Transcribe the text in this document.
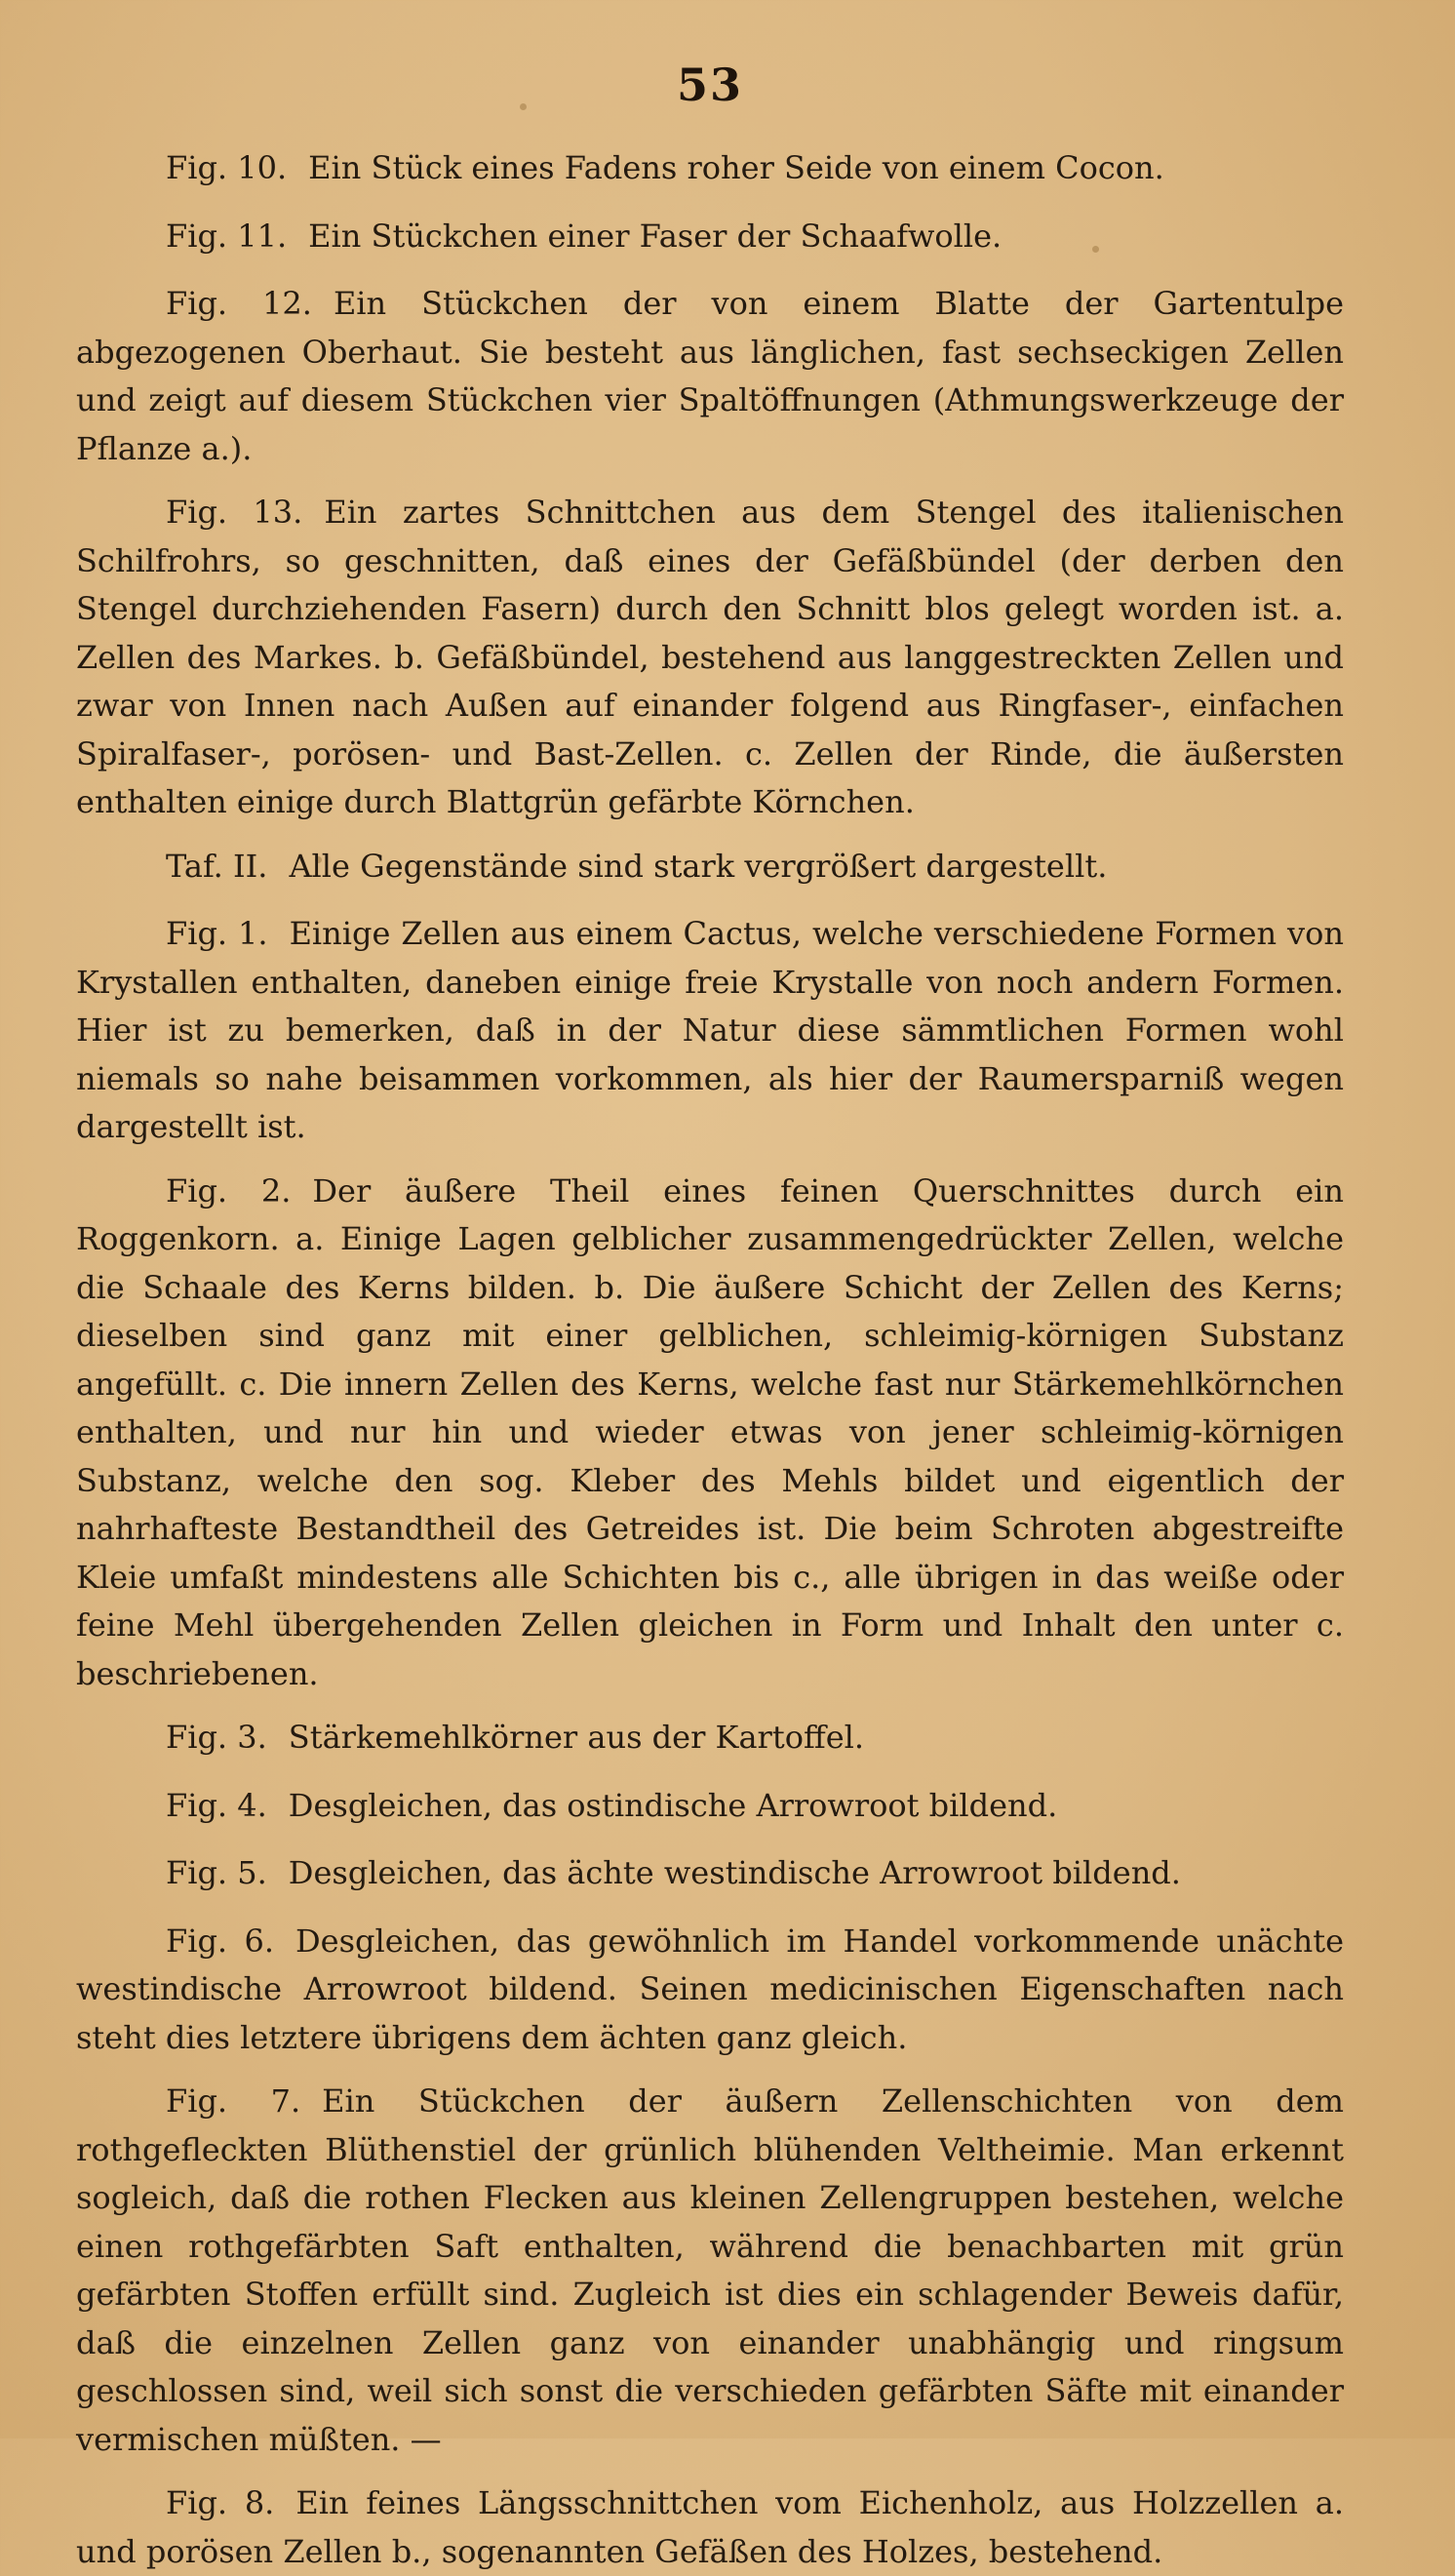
53

Fig. 10. Ein Stück eines Fadens roher Seide von einem Cocon.

Fig. 11. Ein Stückchen einer Faser der Schaafwolle.

Fig. 12. Ein Stückchen der von einem Blatte der Gartentulpe abgezogenen Oberhaut. Sie besteht aus länglichen, fast sechseckigen Zellen und zeigt auf diesem Stückchen vier Spaltöffnungen (Athmungswerkzeuge der Pflanze a.).

Fig. 13. Ein zartes Schnittchen aus dem Stengel des italienischen Schilfrohrs, so geschnitten, daß eines der Gefäßbündel (der derben den Stengel durchziehenden Fasern) durch den Schnitt blos gelegt worden ist. a. Zellen des Markes. b. Gefäßbündel, bestehend aus langgestreckten Zellen und zwar von Innen nach Außen auf einander folgend aus Ringfaser-, einfachen Spiralfaser-, porösen- und Bast-Zellen. c. Zellen der Rinde, die äußersten enthalten einige durch Blattgrün gefärbte Körnchen.

Taf. II. Alle Gegenstände sind stark vergrößert dargestellt.

Fig. 1. Einige Zellen aus einem Cactus, welche verschiedene Formen von Krystallen enthalten, daneben einige freie Krystalle von noch andern Formen. Hier ist zu bemerken, daß in der Natur diese sämmtlichen Formen wohl niemals so nahe beisammen vorkommen, als hier der Raumersparniß wegen dargestellt ist.

Fig. 2. Der äußere Theil eines feinen Querschnittes durch ein Roggenkorn. a. Einige Lagen gelblicher zusammengedrückter Zellen, welche die Schaale des Kerns bilden. b. Die äußere Schicht der Zellen des Kerns; dieselben sind ganz mit einer gelblichen, schleimig-körnigen Substanz angefüllt. c. Die innern Zellen des Kerns, welche fast nur Stärkemehlkörnchen enthalten, und nur hin und wieder etwas von jener schleimig-körnigen Substanz, welche den sog. Kleber des Mehls bildet und eigentlich der nahrhafteste Bestandtheil des Getreides ist. Die beim Schroten abgestreifte Kleie umfaßt mindestens alle Schichten bis c., alle übrigen in das weiße oder feine Mehl übergehenden Zellen gleichen in Form und Inhalt den unter c. beschriebenen.

Fig. 3. Stärkemehlkörner aus der Kartoffel.

Fig. 4. Desgleichen, das ostindische Arrowroot bildend.

Fig. 5. Desgleichen, das ächte westindische Arrowroot bildend.

Fig. 6. Desgleichen, das gewöhnlich im Handel vorkommende unächte westindische Arrowroot bildend. Seinen medicinischen Eigenschaften nach steht dies letztere übrigens dem ächten ganz gleich.

Fig. 7. Ein Stückchen der äußern Zellenschichten von dem rothgefleckten Blüthenstiel der grünlich blühenden Veltheimie. Man erkennt sogleich, daß die rothen Flecken aus kleinen Zellengruppen bestehen, welche einen rothgefärbten Saft enthalten, während die benachbarten mit grün gefärbten Stoffen erfüllt sind. Zugleich ist dies ein schlagender Beweis dafür, daß die einzelnen Zellen ganz von einander unabhängig und ringsum geschlossen sind, weil sich sonst die verschieden gefärbten Säfte mit einander vermischen müßten. —

Fig. 8. Ein feines Längsschnittchen vom Eichenholz, aus Holzzellen a. und porösen Zellen b., sogenannten Gefäßen des Holzes, bestehend.
